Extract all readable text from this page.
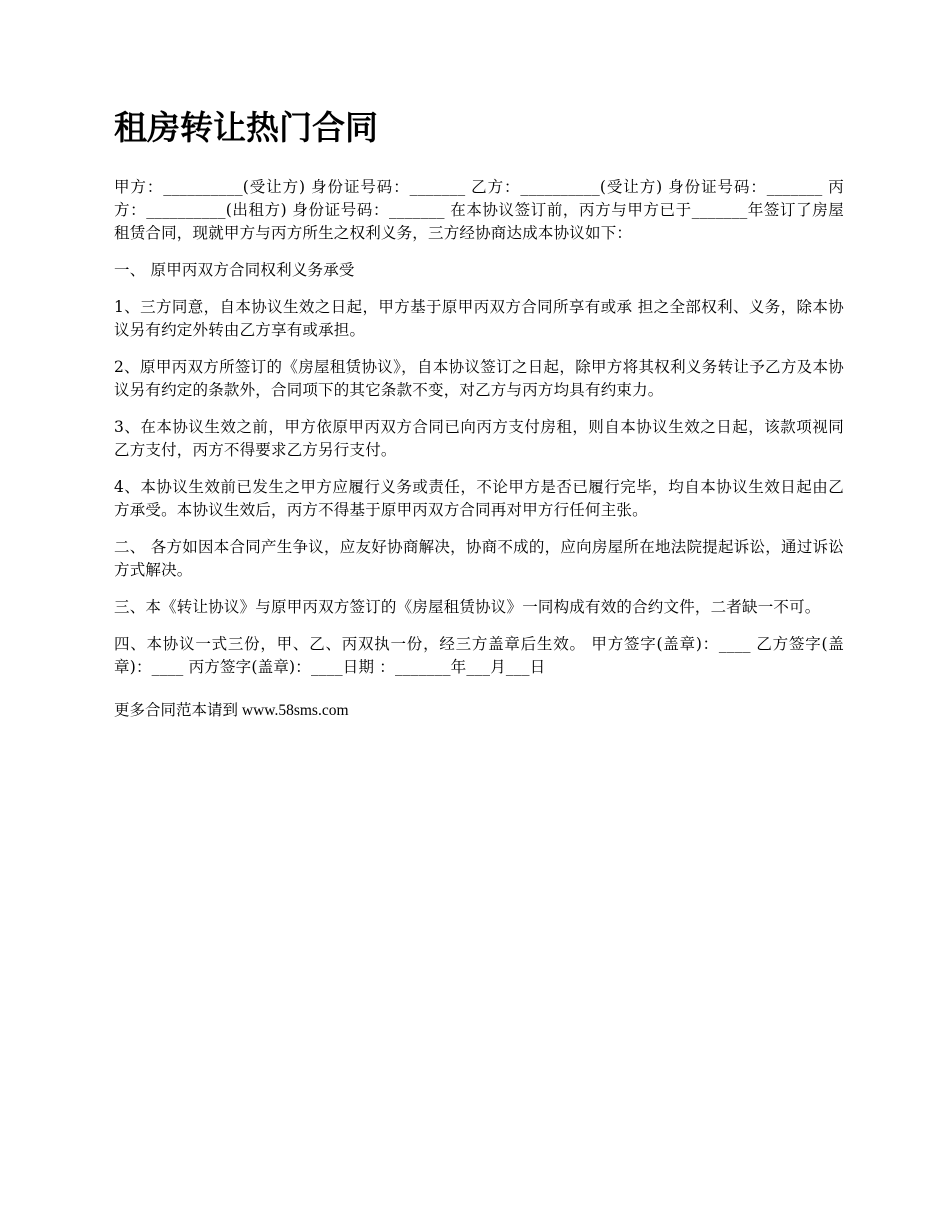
租房转让热门合同

甲方：__________(受让方) 身份证号码：_______ 乙方：__________(受让方) 身份证号码：_______ 丙方：__________(出租方) 身份证号码：_______ 在本协议签订前，丙方与甲方已于_______年签订了房屋租赁合同，现就甲方与丙方所生之权利义务，三方经协商达成本协议如下：

一、 原甲丙双方合同权利义务承受

1、三方同意，自本协议生效之日起，甲方基于原甲丙双方合同所享有或承 担之全部权利、义务，除本协议另有约定外转由乙方享有或承担。

2、原甲丙双方所签订的《房屋租赁协议》，自本协议签订之日起，除甲方将其权利义务转让予乙方及本协议另有约定的条款外，合同项下的其它条款不变，对乙方与丙方均具有约束力。

3、在本协议生效之前，甲方依原甲丙双方合同已向丙方支付房租，则自本协议生效之日起，该款项视同乙方支付，丙方不得要求乙方另行支付。

4、本协议生效前已发生之甲方应履行义务或责任，不论甲方是否已履行完毕，均自本协议生效日起由乙方承受。本协议生效后，丙方不得基于原甲丙双方合同再对甲方行任何主张。

二、 各方如因本合同产生争议，应友好协商解决，协商不成的，应向房屋所在地法院提起诉讼，通过诉讼方式解决。

三、本《转让协议》与原甲丙双方签订的《房屋租赁协议》一同构成有效的合约文件，二者缺一不可。

四、本协议一式三份，甲、乙、丙双执一份，经三方盖章后生效。 甲方签字(盖章)：____ 乙方签字(盖章)：____ 丙方签字(盖章)：____日期 ：_______年___月___日

更多合同范本请到 www.58sms.com
